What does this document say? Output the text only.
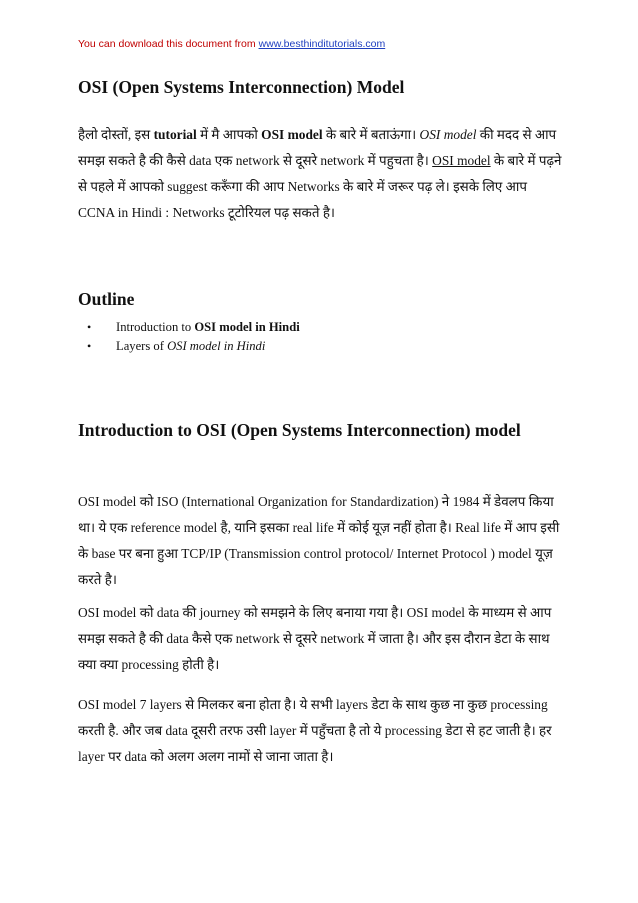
You can download this document from www.besthinditutorials.com
OSI (Open Systems Interconnection) Model

हैलो दोस्तों, इस tutorial में मै आपको OSI model के बारे में बताऊंगा। OSI model की मदद से आप समझ सकते है की कैसे data एक network से दूसरे network में पहुचता है। OSI model के बारे में पढ़ने से पहले में आपको suggest करूँगा की आप Networks के बारे में जरूर पढ़ ले। इसके लिए आप CCNA in Hindi : Networks टूटोरियल पढ़ सकते है।

Outline
• Introduction to OSI model in Hindi
• Layers of OSI model in Hindi
Introduction to OSI (Open Systems Interconnection) model

OSI model को ISO (International Organization for Standardization) ने 1984 में डेवलप किया था। ये एक reference model है, यानि इसका real life में कोई यूज़ नहीं होता है। Real life में आप इसी के base पर बना हुआ TCP/IP (Transmission control protocol/ Internet Protocol ) model यूज़ करते है।

OSI model को data की journey को समझने के लिए बनाया गया है। OSI model के माध्यम से आप समझ सकते है की data कैसे एक network से दूसरे network में जाता है। और इस दौरान डेटा के साथ क्या क्या processing होती है।

OSI model 7 layers से मिलकर बना होता है। ये सभी layers डेटा के साथ कुछ ना कुछ processing करती है. और जब data दूसरी तरफ उसी layer में पहुँचता है तो ये processing डेटा से हट जाती है। हर layer पर data को अलग अलग नामों से जाना जाता है।
